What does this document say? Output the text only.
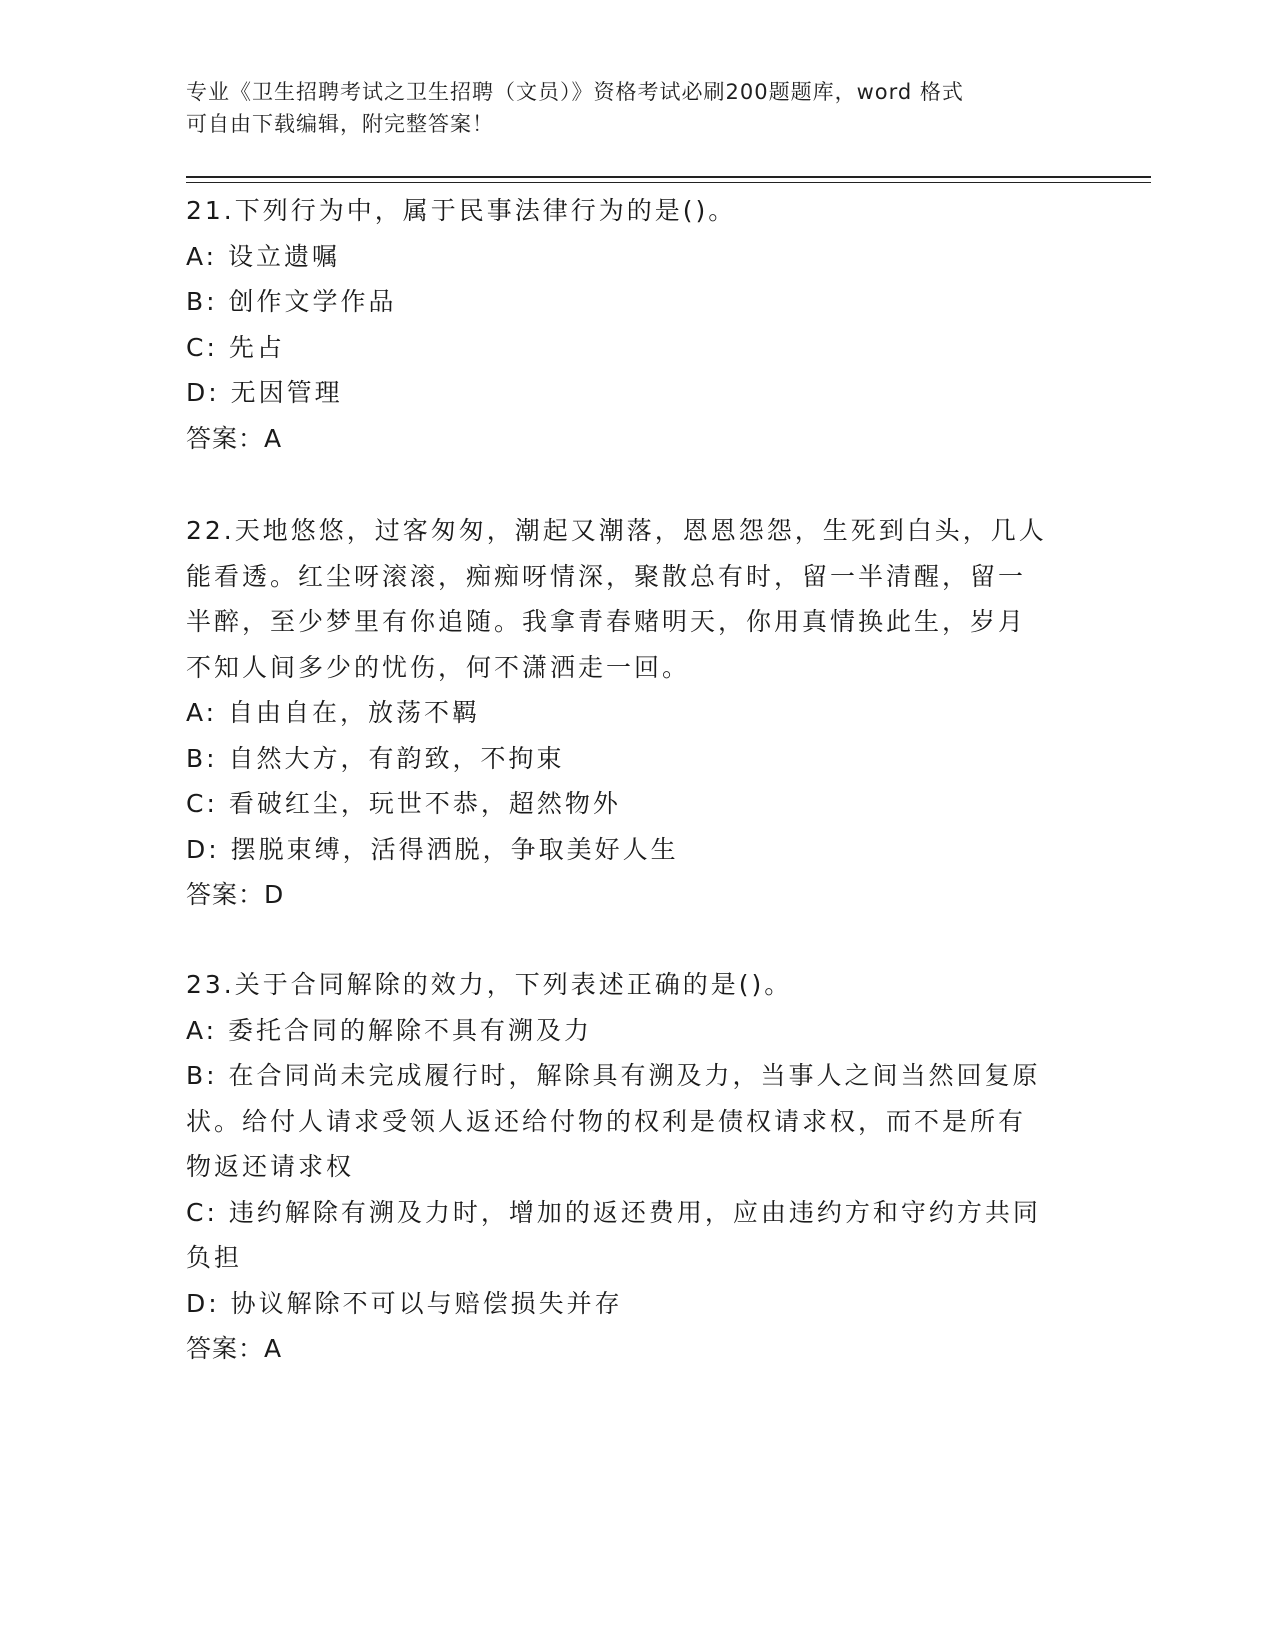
专业《卫生招聘考试之卫生招聘（文员）》资格考试必刷200题题库，word 格式
可自由下载编辑，附完整答案！
21.下列行为中，属于民事法律行为的是()。
A: 设立遗嘱
B: 创作文学作品
C: 先占
D: 无因管理
答案：A
22.天地悠悠，过客匆匆，潮起又潮落，恩恩怨怨，生死到白头，几人
能看透。红尘呀滚滚，痴痴呀情深，聚散总有时，留一半清醒，留一
半醉，至少梦里有你追随。我拿青春赌明天，你用真情换此生，岁月
不知人间多少的忧伤，何不潇洒走一回。
A: 自由自在，放荡不羁
B: 自然大方，有韵致，不拘束
C: 看破红尘，玩世不恭，超然物外
D: 摆脱束缚，活得洒脱，争取美好人生
答案：D
23.关于合同解除的效力，下列表述正确的是()。
A: 委托合同的解除不具有溯及力
B: 在合同尚未完成履行时，解除具有溯及力，当事人之间当然回复原
状。给付人请求受领人返还给付物的权利是债权请求权，而不是所有
物返还请求权
C: 违约解除有溯及力时，增加的返还费用，应由违约方和守约方共同
负担
D: 协议解除不可以与赔偿损失并存
答案：A
